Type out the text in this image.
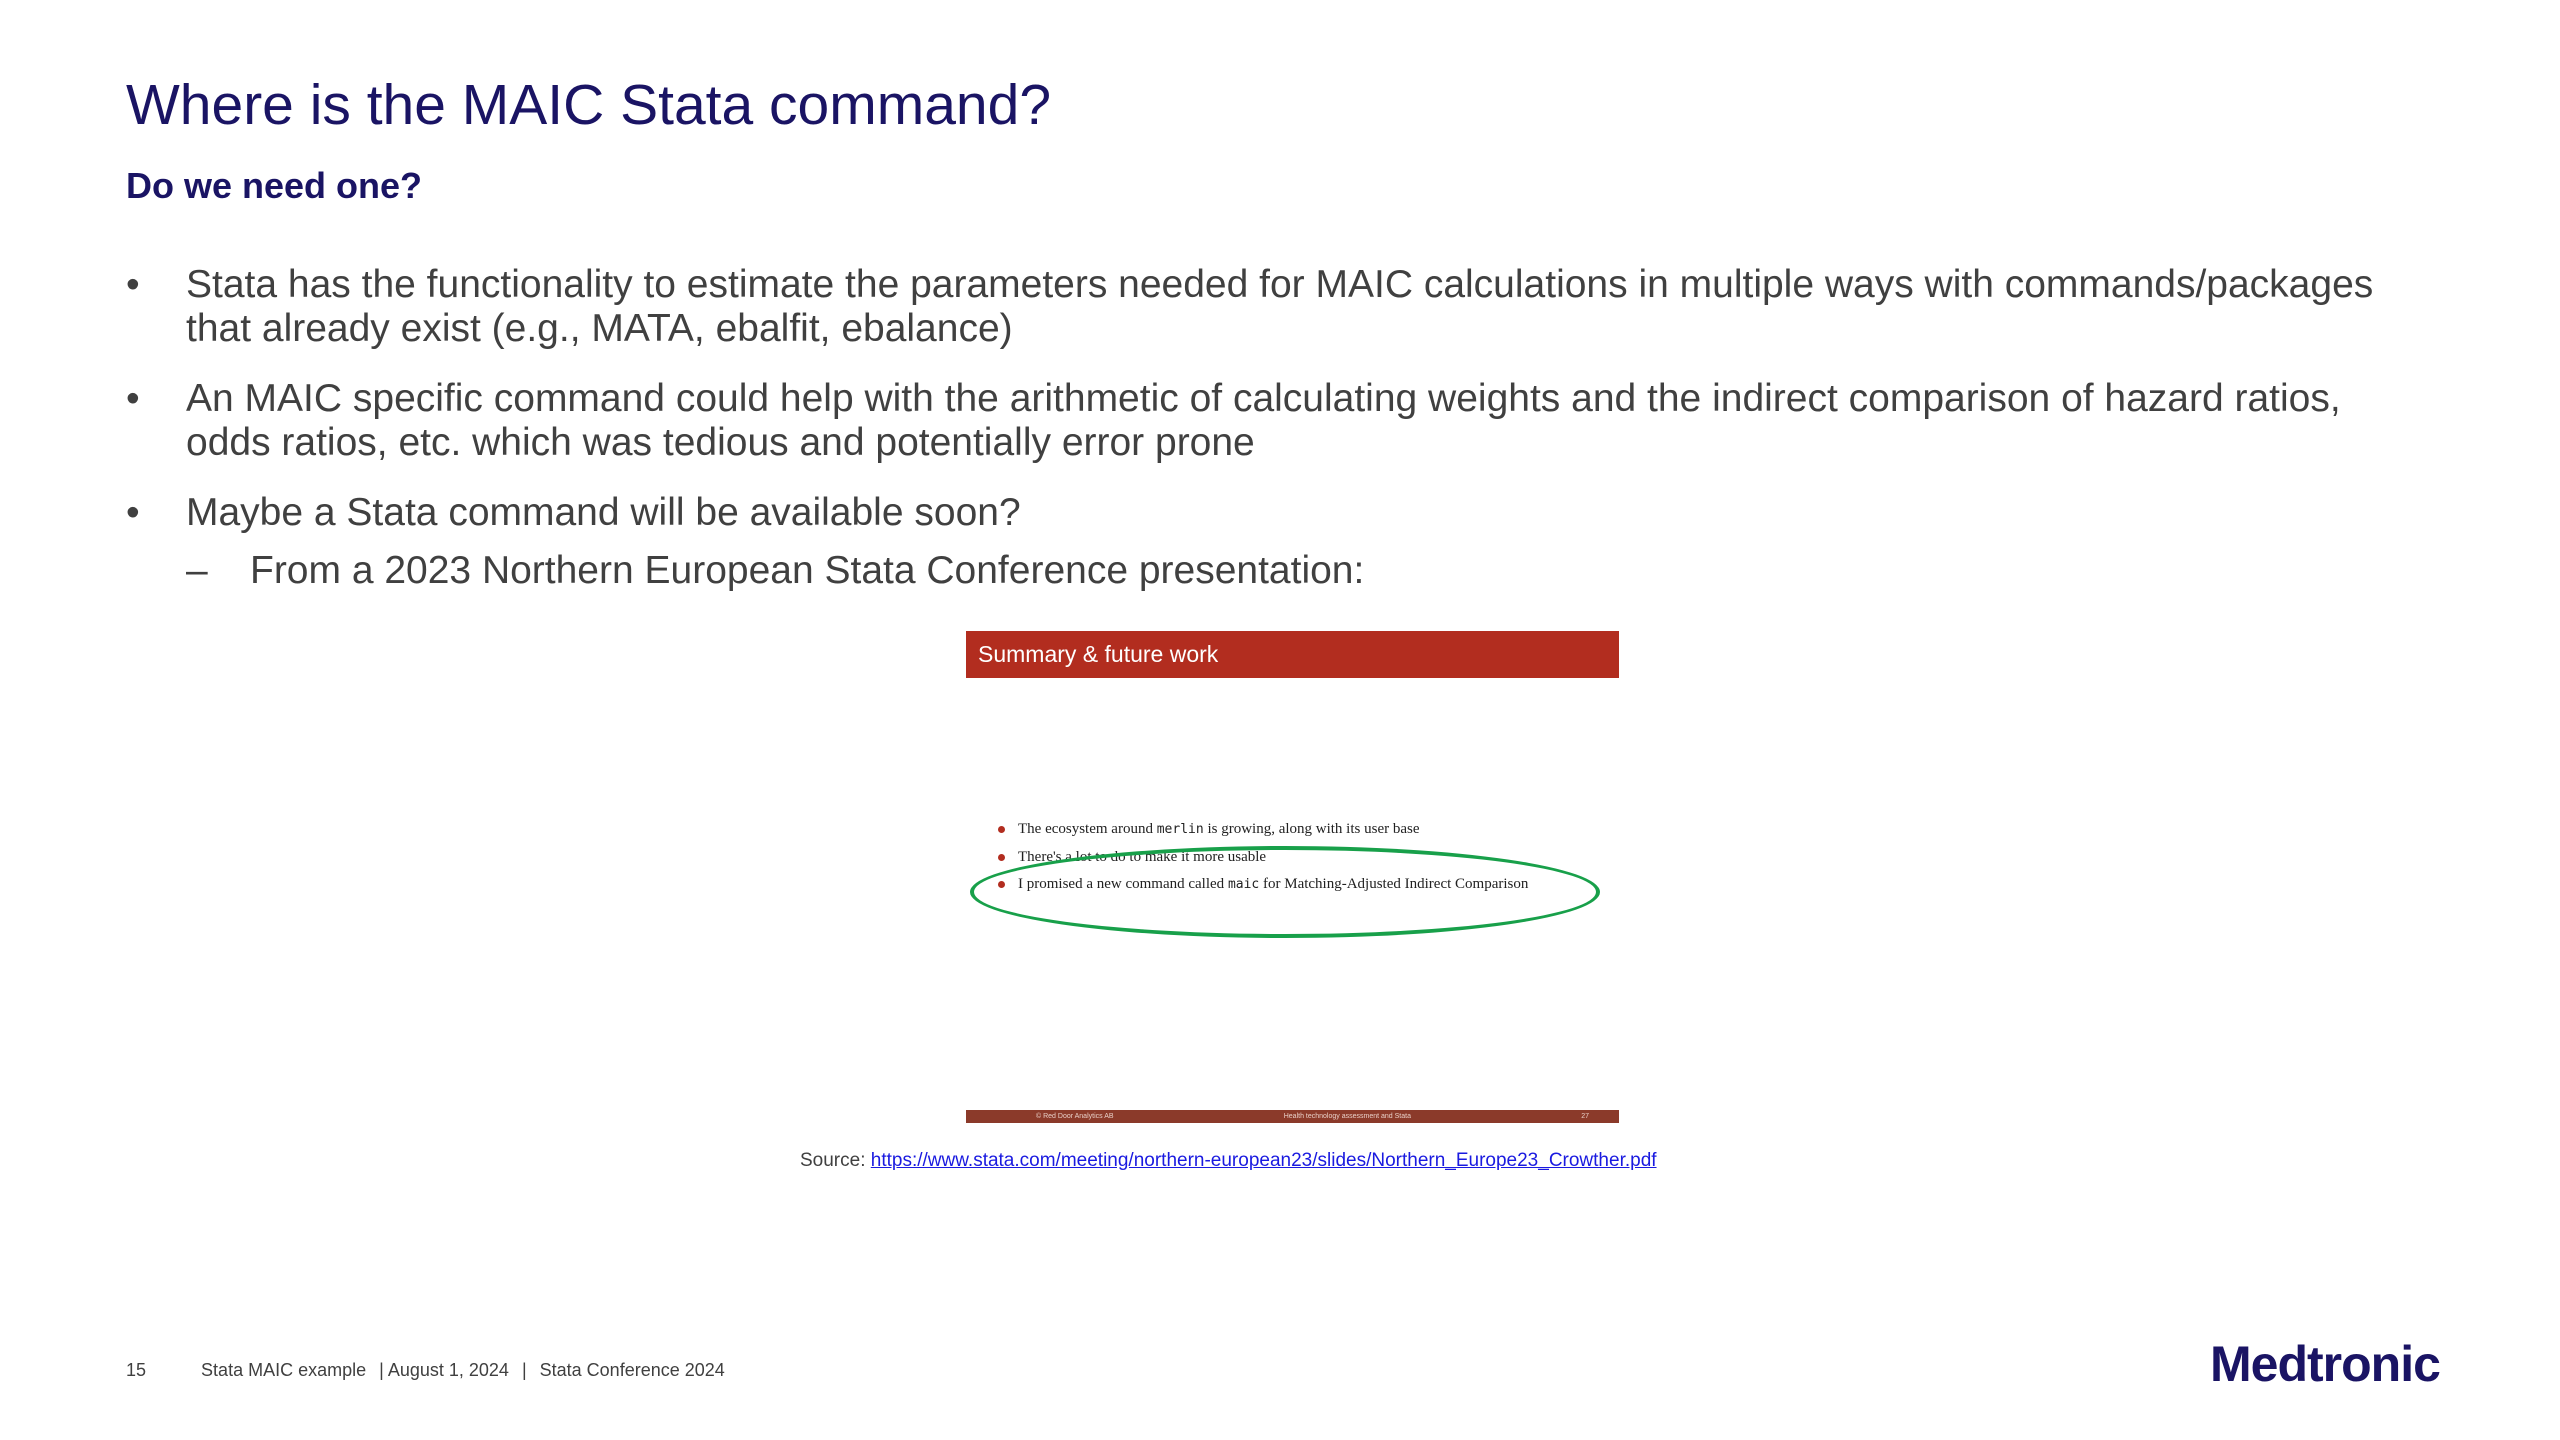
Where is the MAIC Stata command?
Do we need one?
•	Stata has the functionality to estimate the parameters needed for MAIC calculations in multiple ways with commands/packages that already exist (e.g., MATA, ebalfit, ebalance)
•	An MAIC specific command could help with the arithmetic of calculating weights and the indirect comparison of hazard ratios, odds ratios, etc. which was tedious and potentially error prone
•	Maybe a Stata command will be available soon?
– From a 2023 Northern European Stata Conference presentation:
Summary & future work
The ecosystem around merlin is growing, along with its user base
There's a lot to do to make it more usable
I promised a new command called maic for Matching-Adjusted Indirect Comparison
© Red Door Analytics AB	Health technology assessment and Stata	27
Source: https://www.stata.com/meeting/northern-european23/slides/Northern_Europe23_Crowther.pdf
15	Stata MAIC example | August 1, 2024 | Stata Conference 2024	Medtronic
